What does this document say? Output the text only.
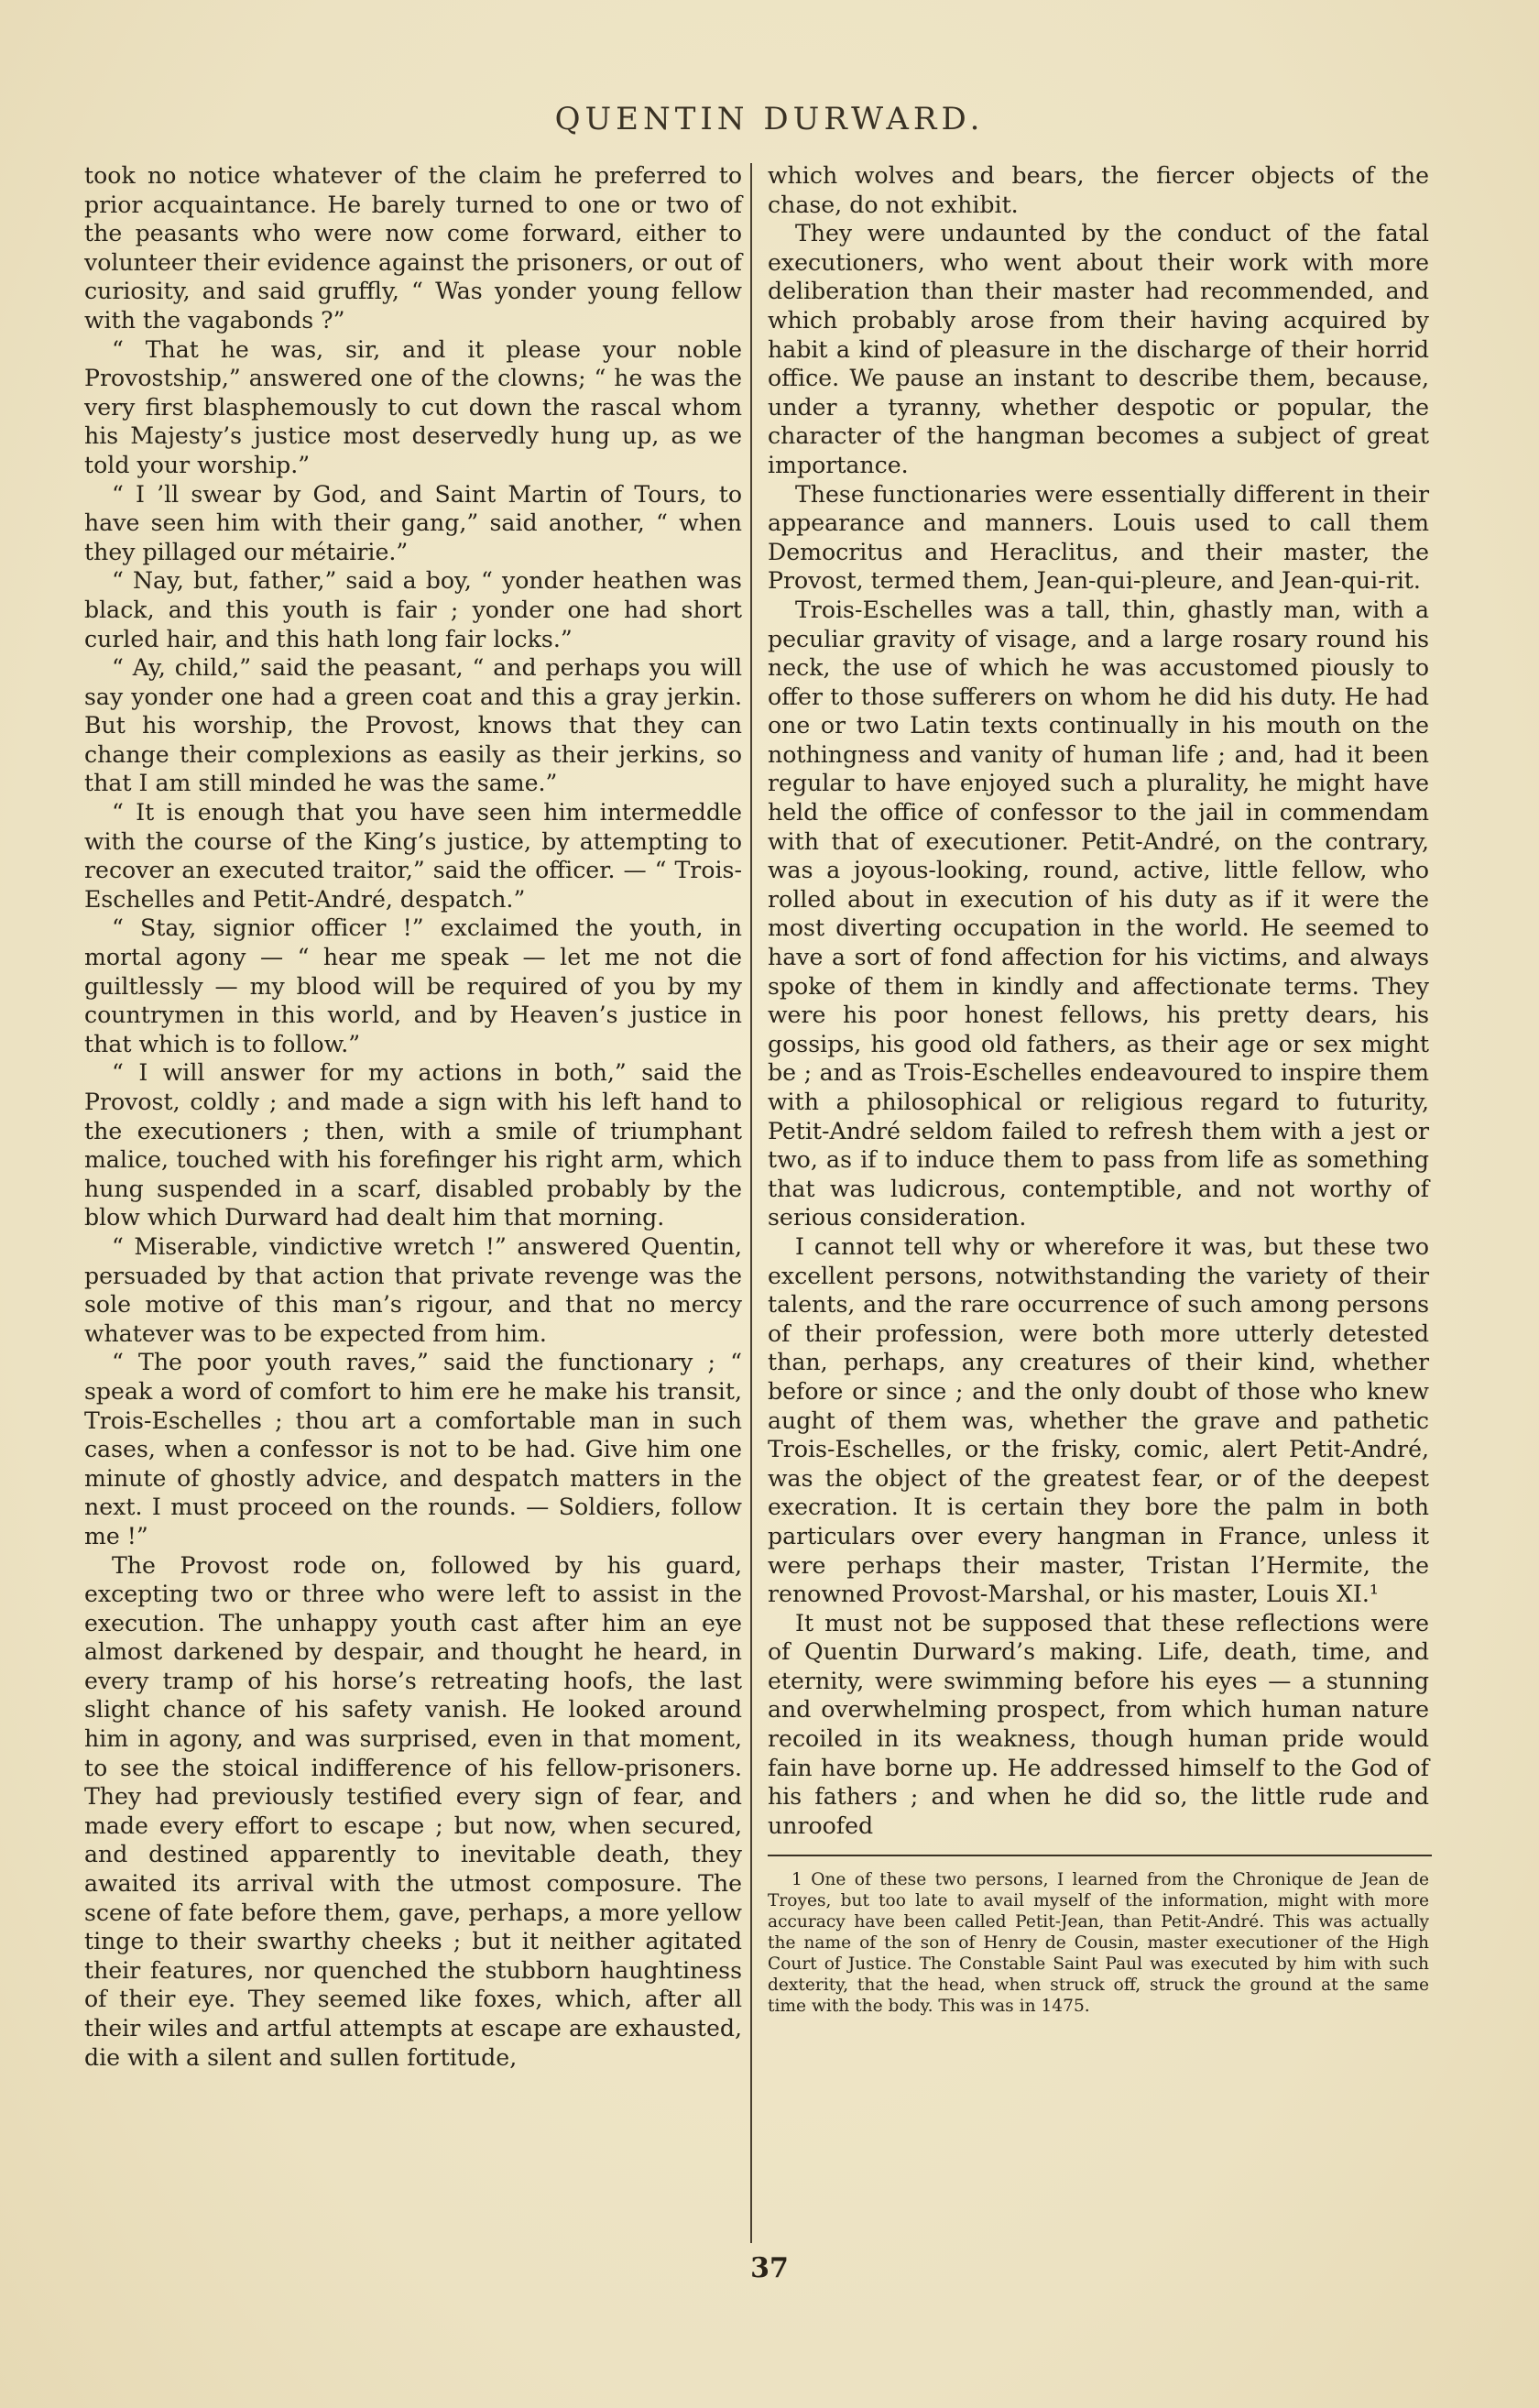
QUENTIN DURWARD.

took no notice whatever of the claim he preferred to prior acquaintance. He barely turned to one or two of the peasants who were now come forward, either to volunteer their evidence against the prisoners, or out of curiosity, and said gruffly, “ Was yonder young fellow with the vagabonds ?”

“ That he was, sir, and it please your noble Provostship,” answered one of the clowns; “ he was the very first blasphemously to cut down the rascal whom his Majesty’s justice most deservedly hung up, as we told your worship.”

“ I ’ll swear by God, and Saint Martin of Tours, to have seen him with their gang,” said another, “ when they pillaged our métairie.”

“ Nay, but, father,” said a boy, “ yonder heathen was black, and this youth is fair ; yonder one had short curled hair, and this hath long fair locks.”

“ Ay, child,” said the peasant, “ and perhaps you will say yonder one had a green coat and this a gray jerkin. But his worship, the Provost, knows that they can change their complexions as easily as their jerkins, so that I am still minded he was the same.”

“ It is enough that you have seen him intermeddle with the course of the King’s justice, by attempting to recover an executed traitor,” said the officer. — “ Trois-Eschelles and Petit-André, despatch.”

“ Stay, signior officer !” exclaimed the youth, in mortal agony — “ hear me speak — let me not die guiltlessly — my blood will be required of you by my countrymen in this world, and by Heaven’s justice in that which is to follow.”

“ I will answer for my actions in both,” said the Provost, coldly ; and made a sign with his left hand to the executioners ; then, with a smile of triumphant malice, touched with his forefinger his right arm, which hung suspended in a scarf, disabled probably by the blow which Durward had dealt him that morning.

“ Miserable, vindictive wretch !” answered Quentin, persuaded by that action that private revenge was the sole motive of this man’s rigour, and that no mercy whatever was to be expected from him.

“ The poor youth raves,” said the functionary ; “ speak a word of comfort to him ere he make his transit, Trois-Eschelles ; thou art a comfortable man in such cases, when a confessor is not to be had. Give him one minute of ghostly advice, and despatch matters in the next. I must proceed on the rounds. — Soldiers, follow me !”

The Provost rode on, followed by his guard, excepting two or three who were left to assist in the execution. The unhappy youth cast after him an eye almost darkened by despair, and thought he heard, in every tramp of his horse’s retreating hoofs, the last slight chance of his safety vanish. He looked around him in agony, and was surprised, even in that moment, to see the stoical indifference of his fellow-prisoners. They had previously testified every sign of fear, and made every effort to escape ; but now, when secured, and destined apparently to inevitable death, they awaited its arrival with the utmost composure. The scene of fate before them, gave, perhaps, a more yellow tinge to their swarthy cheeks ; but it neither agitated their features, nor quenched the stubborn haughtiness of their eye. They seemed like foxes, which, after all their wiles and artful attempts at escape are exhausted, die with a silent and sullen fortitude,

which wolves and bears, the fiercer objects of the chase, do not exhibit.

They were undaunted by the conduct of the fatal executioners, who went about their work with more deliberation than their master had recommended, and which probably arose from their having acquired by habit a kind of pleasure in the discharge of their horrid office. We pause an instant to describe them, because, under a tyranny, whether despotic or popular, the character of the hangman becomes a subject of great importance.

These functionaries were essentially different in their appearance and manners. Louis used to call them Democritus and Heraclitus, and their master, the Provost, termed them, Jean-qui-pleure, and Jean-qui-rit.

Trois-Eschelles was a tall, thin, ghastly man, with a peculiar gravity of visage, and a large rosary round his neck, the use of which he was accustomed piously to offer to those sufferers on whom he did his duty. He had one or two Latin texts continually in his mouth on the nothingness and vanity of human life ; and, had it been regular to have enjoyed such a plurality, he might have held the office of confessor to the jail in commendam with that of executioner. Petit-André, on the contrary, was a joyous-looking, round, active, little fellow, who rolled about in execution of his duty as if it were the most diverting occupation in the world. He seemed to have a sort of fond affection for his victims, and always spoke of them in kindly and affectionate terms. They were his poor honest fellows, his pretty dears, his gossips, his good old fathers, as their age or sex might be ; and as Trois-Eschelles endeavoured to inspire them with a philosophical or religious regard to futurity, Petit-André seldom failed to refresh them with a jest or two, as if to induce them to pass from life as something that was ludicrous, contemptible, and not worthy of serious consideration.

I cannot tell why or wherefore it was, but these two excellent persons, notwithstanding the variety of their talents, and the rare occurrence of such among persons of their profession, were both more utterly detested than, perhaps, any creatures of their kind, whether before or since ; and the only doubt of those who knew aught of them was, whether the grave and pathetic Trois-Eschelles, or the frisky, comic, alert Petit-André, was the object of the greatest fear, or of the deepest execration. It is certain they bore the palm in both particulars over every hangman in France, unless it were perhaps their master, Tristan l’Hermite, the renowned Provost-Marshal, or his master, Louis XI.¹

It must not be supposed that these reflections were of Quentin Durward’s making. Life, death, time, and eternity, were swimming before his eyes — a stunning and overwhelming prospect, from which human nature recoiled in its weakness, though human pride would fain have borne up. He addressed himself to the God of his fathers ; and when he did so, the little rude and unroofed

1 One of these two persons, I learned from the Chronique de Jean de Troyes, but too late to avail myself of the information, might with more accuracy have been called Petit-Jean, than Petit-André. This was actually the name of the son of Henry de Cousin, master executioner of the High Court of Justice. The Constable Saint Paul was executed by him with such dexterity, that the head, when struck off, struck the ground at the same time with the body. This was in 1475.
37
